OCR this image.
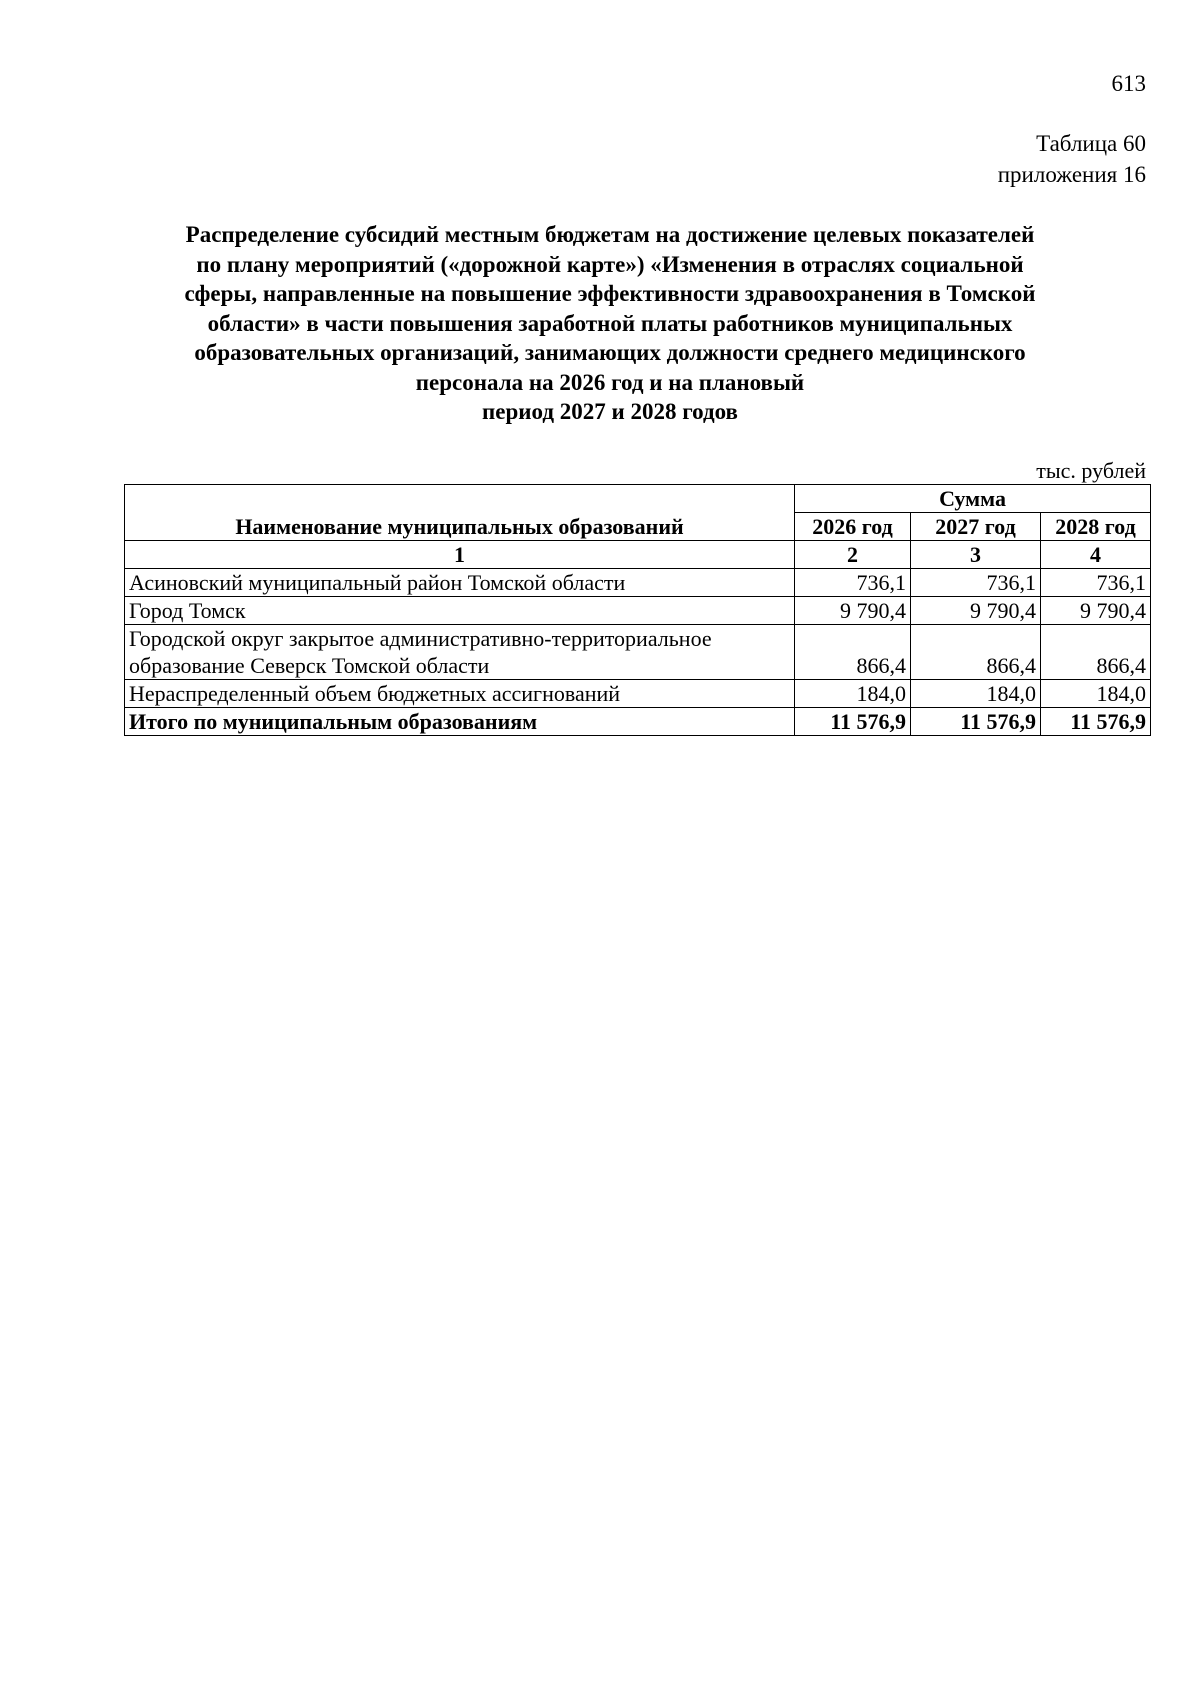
613
Таблица 60
приложения 16
Распределение субсидий местным бюджетам на достижение целевых показателей
по плану мероприятий («дорожной карте») «Изменения в отраслях социальной
сферы, направленные на повышение эффективности здравоохранения в Томской
области» в части повышения заработной платы работников муниципальных
образовательных организаций, занимающих должности среднего медицинского
персонала на 2026 год и на плановый
период 2027 и 2028 годов
тыс. рублей
Наименование муниципальных образований	Сумма		
	2026 год	2027 год	2028 год
1	2	3	4
Асиновский муниципальный район Томской области	736,1	736,1	736,1
Город Томск	9 790,4	9 790,4	9 790,4

Городской округ закрытое административно-территориальное
образование Северск Томской области	866,4	866,4	866,4
Нераспределенный объем бюджетных ассигнований	184,0	184,0	184,0
Итого по муниципальным образованиям	11 576,9	11 576,9	11 576,9
